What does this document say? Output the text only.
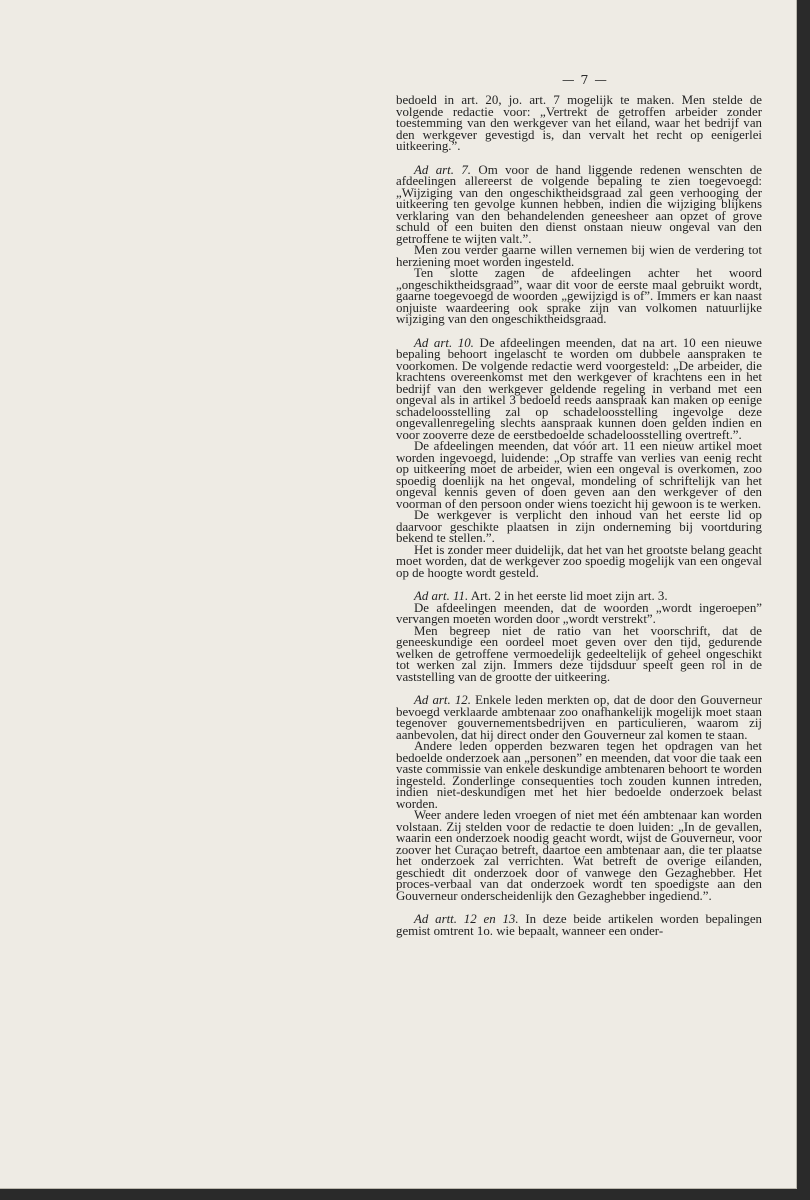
— 7 —

bedoeld in art. 20, jo. art. 7 mogelijk te maken. Men stelde de volgende redactie voor: „Vertrekt de getroffen arbeider zonder toestemming van den werkgever van het eiland, waar het bedrijf van den werkgever gevestigd is, dan vervalt het recht op eenigerlei uitkeering.”.

Ad art. 7. Om voor de hand liggende redenen wenschten de afdeelingen allereerst de volgende bepaling te zien toegevoegd: „Wijziging van den ongeschiktheidsgraad zal geen verhooging der uitkeering ten gevolge kunnen hebben, indien die wijziging blijkens verklaring van den behandelenden geneesheer aan opzet of grove schuld of een buiten den dienst onstaan nieuw ongeval van den getroffene te wijten valt.”.

Men zou verder gaarne willen vernemen bij wien de verdering tot herziening moet worden ingesteld.

Ten slotte zagen de afdeelingen achter het woord „ongeschiktheidsgraad”, waar dit voor de eerste maal gebruikt wordt, gaarne toegevoegd de woorden „gewijzigd is of”. Immers er kan naast onjuiste waardeering ook sprake zijn van volkomen natuurlijke wijziging van den ongeschiktheidsgraad.

Ad art. 10. De afdeelingen meenden, dat na art. 10 een nieuwe bepaling behoort ingelascht te worden om dubbele aanspraken te voorkomen. De volgende redactie werd voorgesteld: „De arbeider, die krachtens overeenkomst met den werkgever of krachtens een in het bedrijf van den werkgever geldende regeling in verband met een ongeval als in artikel 3 bedoeld reeds aanspraak kan maken op eenige schadeloosstelling zal op schadeloosstelling ingevolge deze ongevallenregeling slechts aanspraak kunnen doen gelden indien en voor zooverre deze de eerstbedoelde schadeloosstelling overtreft.”.

De afdeelingen meenden, dat vóór art. 11 een nieuw artikel moet worden ingevoegd, luidende: „Op straffe van verlies van eenig recht op uitkeering moet de arbeider, wien een ongeval is overkomen, zoo spoedig doenlijk na het ongeval, mondeling of schriftelijk van het ongeval kennis geven of doen geven aan den werkgever of den voorman of den persoon onder wiens toezicht hij gewoon is te werken.

De werkgever is verplicht den inhoud van het eerste lid op daarvoor geschikte plaatsen in zijn onderneming bij voortduring bekend te stellen.”.

Het is zonder meer duidelijk, dat het van het grootste belang geacht moet worden, dat de werkgever zoo spoedig mogelijk van een ongeval op de hoogte wordt gesteld.

Ad art. 11. Art. 2 in het eerste lid moet zijn art. 3.

De afdeelingen meenden, dat de woorden „wordt ingeroepen” vervangen moeten worden door „wordt verstrekt”.

Men begreep niet de ratio van het voorschrift, dat de geneeskundige een oordeel moet geven over den tijd, gedurende welken de getroffene vermoedelijk gedeeltelijk of geheel ongeschikt tot werken zal zijn. Immers deze tijdsduur speelt geen rol in de vaststelling van de grootte der uitkeering.

Ad art. 12. Enkele leden merkten op, dat de door den Gouverneur bevoegd verklaarde ambtenaar zoo onafhankelijk mogelijk moet staan tegenover gouvernementsbedrijven en particulieren, waarom zij aanbevolen, dat hij direct onder den Gouverneur zal komen te staan.

Andere leden opperden bezwaren tegen het opdragen van het bedoelde onderzoek aan „personen” en meenden, dat voor die taak een vaste commissie van enkele deskundige ambtenaren behoort te worden ingesteld. Zonderlinge consequenties toch zouden kunnen intreden, indien niet-deskundigen met het hier bedoelde onderzoek belast worden.

Weer andere leden vroegen of niet met één ambtenaar kan worden volstaan. Zij stelden voor de redactie te doen luiden: „In de gevallen, waarin een onderzoek noodig geacht wordt, wijst de Gouverneur, voor zoover het Curaçao betreft, daartoe een ambtenaar aan, die ter plaatse het onderzoek zal verrichten. Wat betreft de overige eilanden, geschiedt dit onderzoek door of vanwege den Gezaghebber. Het proces-verbaal van dat onderzoek wordt ten spoedigste aan den Gouverneur onderscheidenlijk den Gezaghebber ingediend.”.

Ad artt. 12 en 13. In deze beide artikelen worden bepalingen gemist omtrent 1o. wie bepaalt, wanneer een onder-
